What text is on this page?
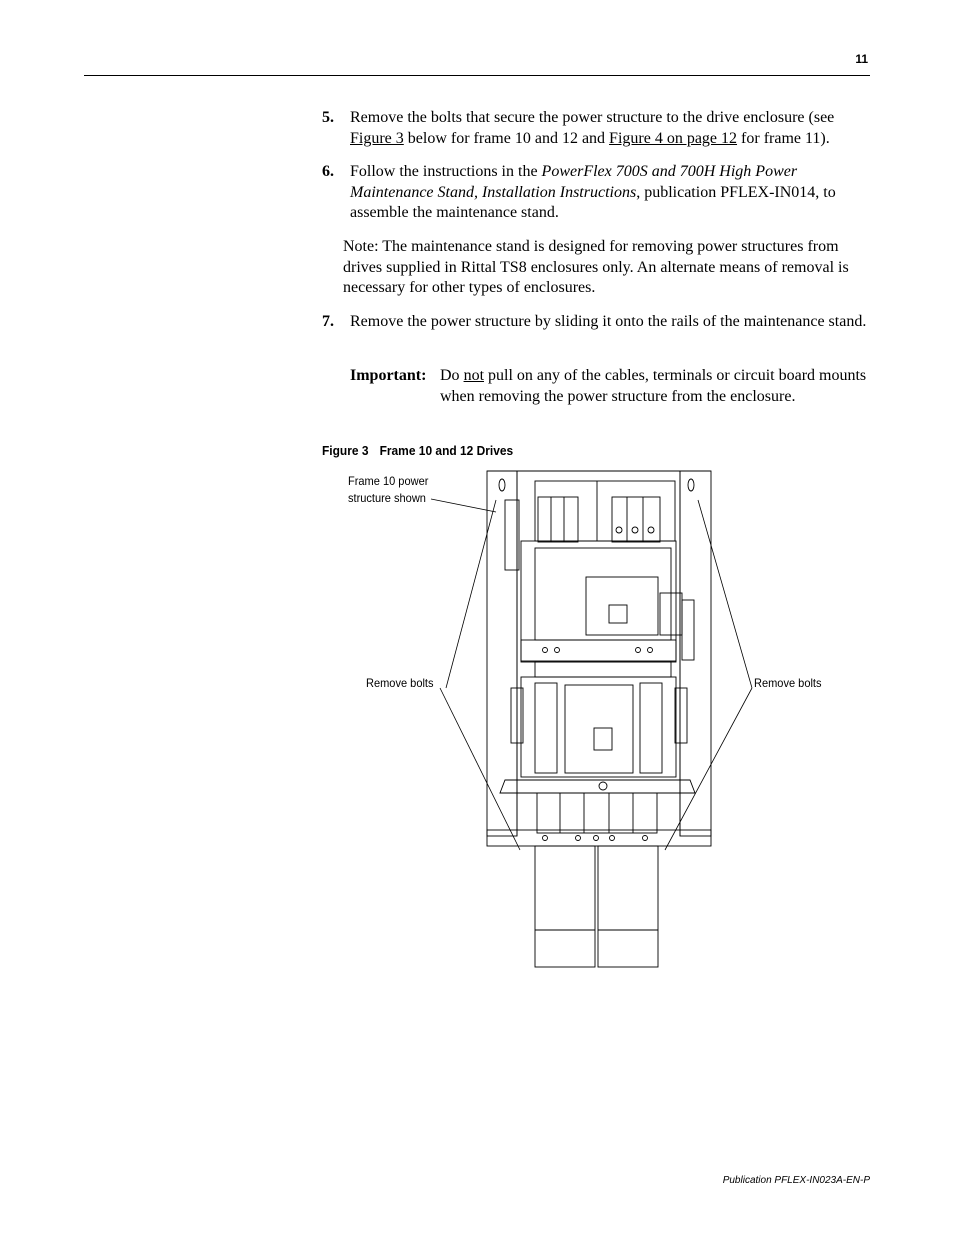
11
5. Remove the bolts that secure the power structure to the drive enclosure (see Figure 3 below for frame 10 and 12 and Figure 4 on page 12 for frame 11).
6. Follow the instructions in the PowerFlex 700S and 700H High Power Maintenance Stand, Installation Instructions, publication PFLEX-IN014, to assemble the maintenance stand.
Note: The maintenance stand is designed for removing power structures from drives supplied in Rittal TS8 enclosures only. An alternate means of removal is necessary for other types of enclosures.
7. Remove the power structure by sliding it onto the rails of the maintenance stand.
Important: Do not pull on any of the cables, terminals or circuit board mounts when removing the power structure from the enclosure.
Figure 3 Frame 10 and 12 Drives
Frame 10 power
structure shown
Remove bolts	Remove bolts
Publication PFLEX-IN023A-EN-P
